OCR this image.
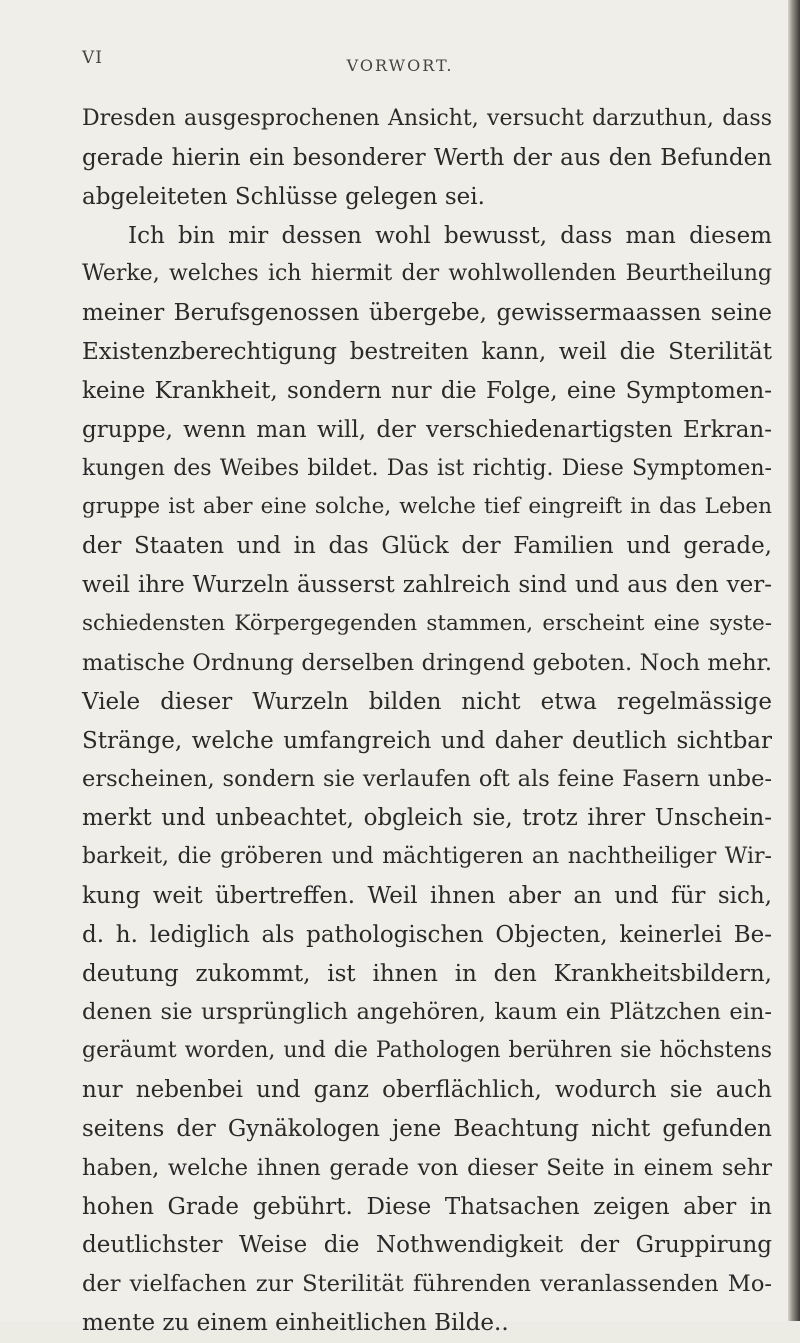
VI	VORWORT.
Dresden ausgesprochenen Ansicht, versucht darzuthun, dass
gerade hierin ein besonderer Werth der aus den Befunden
abgeleiteten Schlüsse gelegen sei.
Ich bin mir dessen wohl bewusst, dass man diesem
Werke, welches ich hiermit der wohlwollenden Beurtheilung
meiner Berufsgenossen übergebe, gewissermaassen seine
Existenzberechtigung bestreiten kann, weil die Sterilität
keine Krankheit, sondern nur die Folge, eine Symptomen-
gruppe, wenn man will, der verschiedenartigsten Erkran-
kungen des Weibes bildet. Das ist richtig. Diese Symptomen-
gruppe ist aber eine solche, welche tief eingreift in das Leben
der Staaten und in das Glück der Familien und gerade,
weil ihre Wurzeln äusserst zahlreich sind und aus den ver-
schiedensten Körpergegenden stammen, erscheint eine syste-
matische Ordnung derselben dringend geboten. Noch mehr.
Viele dieser Wurzeln bilden nicht etwa regelmässige
Stränge, welche umfangreich und daher deutlich sichtbar
erscheinen, sondern sie verlaufen oft als feine Fasern unbe-
merkt und unbeachtet, obgleich sie, trotz ihrer Unschein-
barkeit, die gröberen und mächtigeren an nachtheiliger Wir-
kung weit übertreffen. Weil ihnen aber an und für sich,
d. h. lediglich als pathologischen Objecten, keinerlei Be-
deutung zukommt, ist ihnen in den Krankheitsbildern,
denen sie ursprünglich angehören, kaum ein Plätzchen ein-
geräumt worden, und die Pathologen berühren sie höchstens
nur nebenbei und ganz oberflächlich, wodurch sie auch
seitens der Gynäkologen jene Beachtung nicht gefunden
haben, welche ihnen gerade von dieser Seite in einem sehr
hohen Grade gebührt. Diese Thatsachen zeigen aber in
deutlichster Weise die Nothwendigkeit der Gruppirung
der vielfachen zur Sterilität führenden veranlassenden Mo-
mente zu einem einheitlichen Bilde..
